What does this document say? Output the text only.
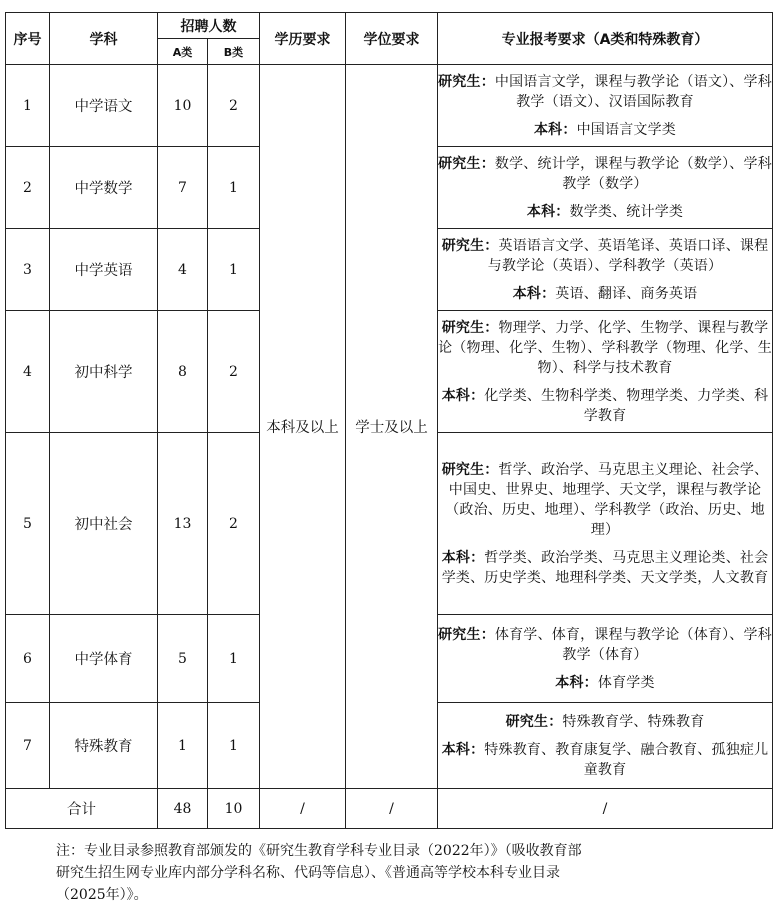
序号	学科	招聘人数		学历要求	学位要求	专业报考要求（A类和特殊教育）
		A类	B类			
1	中学语文	10	2	本科及以上	学士及以上	研究生：中国语言文学，课程与教学论（语文）、学科教学（语文）、汉语国际教育
本科：中国语言文学类

2	中学数学	7	1			研究生：数学、统计学，课程与教学论（数学）、学科教学（数学）
本科：数学类、统计学类

3	中学英语	4	1			研究生：英语语言文学、英语笔译、英语口译、课程与教学论（英语）、学科教学（英语）
本科：英语、翻译、商务英语

4	初中科学	8	2			研究生：物理学、力学、化学、生物学、课程与教学论（物理、化学、生物）、学科教学（物理、化学、生物）、科学与技术教育
本科：化学类、生物科学类、物理学类、力学类、科学教育

5	初中社会	13	2			研究生：哲学、政治学、马克思主义理论、社会学、中国史、世界史、地理学、天文学，课程与教学论（政治、历史、地理）、学科教学（政治、历史、地理）
本科：哲学类、政治学类、马克思主义理论类、社会学类、历史学类、地理科学类、天文学类，人文教育

6	中学体育	5	1			研究生：体育学、体育，课程与教学论（体育）、学科教学（体育）
本科：体育学类

7	特殊教育	1	1			研究生：特殊教育学、特殊教育
本科：特殊教育、教育康复学、融合教育、孤独症儿童教育

合计		48	10	/	/	/
注：专业目录参照教育部颁发的《研究生教育学科专业目录（2022年）》（吸收教育部
研究生招生网专业库内部分学科名称、代码等信息）、《普通高等学校本科专业目录
（2025年）》。
